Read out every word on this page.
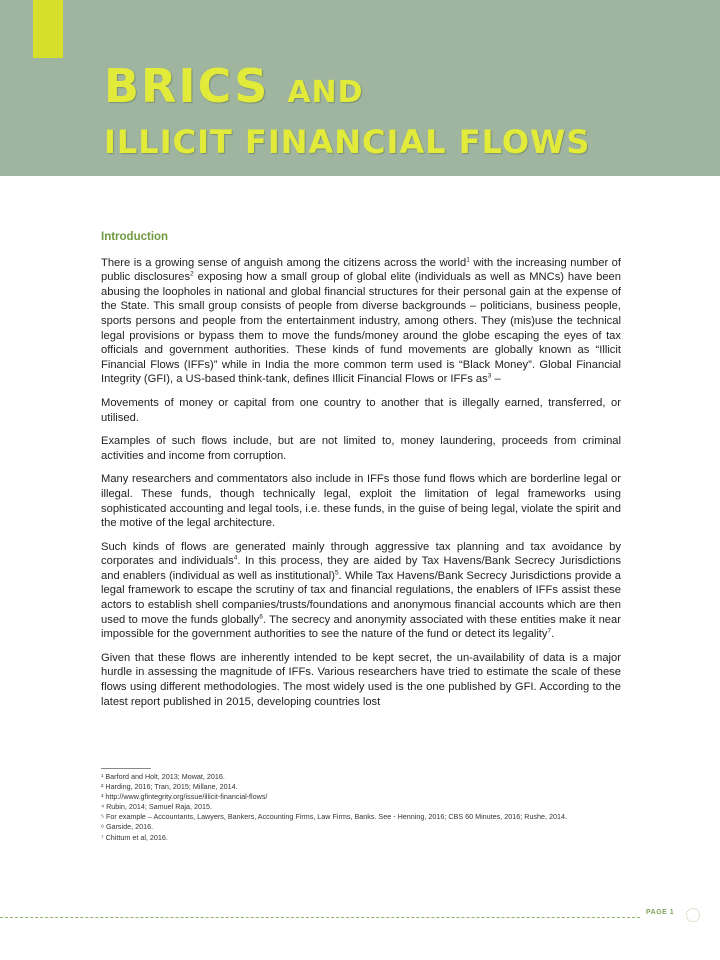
BRICS AND
ILLICIT FINANCIAL FLOWS
Introduction

There is a growing sense of anguish among the citizens across the world$^1$ with the increasing number of public disclosures$^2$ exposing how a small group of global elite (individuals as well as MNCs) have been abusing the loopholes in national and global financial structures for their personal gain at the expense of the State. This small group consists of people from diverse backgrounds – politicians, business people, sports persons and people from the entertainment industry, among others. They (mis)use the technical legal provisions or bypass them to move the funds/money around the globe escaping the eyes of tax officials and government authorities. These kinds of fund movements are globally known as “Illicit Financial Flows (IFFs)” while in India the more common term used is “Black Money”. Global Financial Integrity (GFI), a US-based think-tank, defines Illicit Financial Flows or IFFs $as^3$ –

Movements of money or capital from one country to another that is illegally earned, transferred, or utilised.

Examples of such flows include, but are not limited to, money laundering, proceeds from criminal activities and income from corruption.

Many researchers and commentators also include in IFFs those fund flows which are borderline legal or illegal. These funds, though technically legal, exploit the limitation of legal frameworks using sophisticated accounting and legal tools, i.e. these funds, in the guise of being legal, violate the spirit and the motive of the legal architecture.

Such kinds of flows are generated mainly through aggressive tax planning and tax avoidance by corporates and individuals$^4$. In this process, they are aided by Tax Havens/Bank Secrecy Jurisdictions and enablers (individual as well as institutional)$^5$. While Tax Havens/Bank Secrecy Jurisdictions provide a legal framework to escape the scrutiny of tax and financial regulations, the enablers of IFFs assist these actors to establish shell companies/trusts/foundations and anonymous financial accounts which are then used to move the funds globally$^6$. The secrecy and anonymity associated with these entities make it near impossible for the government authorities to see the nature of the fund or detect its legality$^7$.

Given that these flows are inherently intended to be kept secret, the un-availability of data is a major hurdle in assessing the magnitude of IFFs. Various researchers have tried to estimate the scale of these flows using different methodologies. The most widely used is the one published by GFI. According to the latest report published in 2015, developing countries lost

¹ Barford and Holt, 2013; Mowat, 2016.

² Harding, 2016; Tran, 2015; Millane, 2014.

³ http://www.gfintegrity.org/issue/illicit-financial-flows/

⁴ Rubin, 2014; Samuel Raja, 2015.

⁵ For example – Accountants, Lawyers, Bankers, Accounting Firms, Law Firms, Banks. See - Henning, 2016; CBS 60 Minutes, 2016; Rushe, 2014.

⁶ Garside, 2016.

⁷ Chittum et al, 2016.

PAGE 1
